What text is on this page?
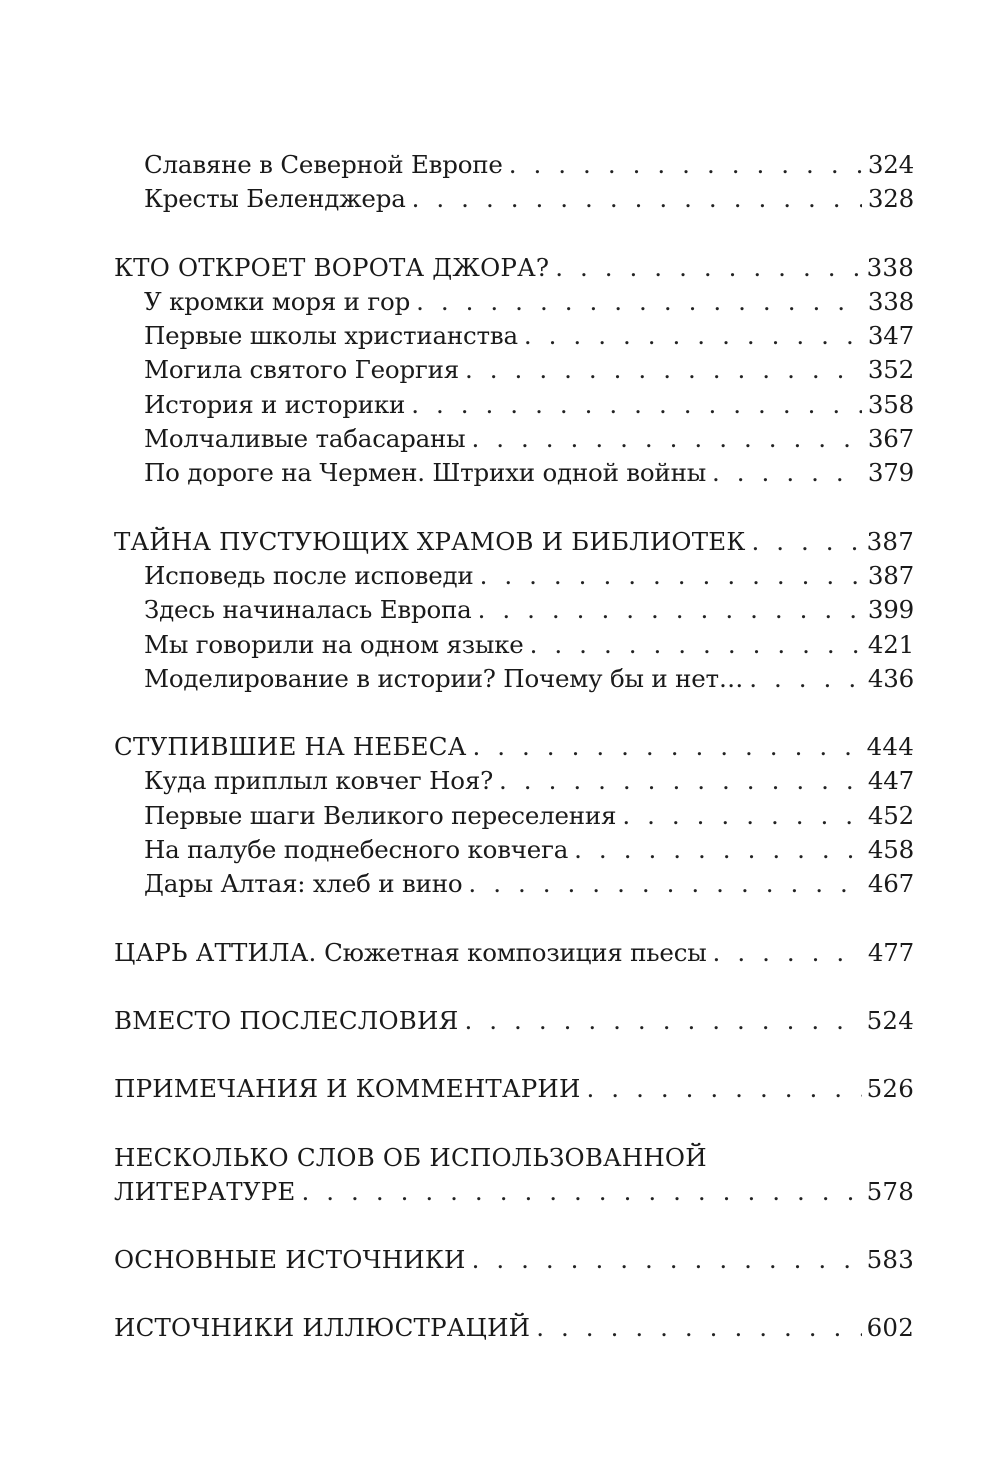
Славяне в Северной Европе . . .	324
Кресты Беленджера . . .	328
КТО ОТКРОЕТ ВОРОТА ДЖОРА? . . .	338
У кромки моря и гор . . .	338
Первые школы христианства . . .	347
Могила святого Георгия . . .	352
История и историки . . .	358
Молчаливые табасараны . . .	367
По дороге на Чермен. Штрихи одной войны . . .	379
ТАЙНА ПУСТУЮЩИХ ХРАМОВ И БИБЛИОТЕК . . .	387
Исповедь после исповеди . . .	387
Здесь начиналась Европа . . .	399
Мы говорили на одном языке . . .	421
Моделирование в истории? Почему бы и нет… . . .	436
СТУПИВШИЕ НА НЕБЕСА . . .	444
Куда приплыл ковчег Ноя? . . .	447
Первые шаги Великого переселения . . .	452
На палубе поднебесного ковчега . . .	458
Дары Алтая: хлеб и вино . . .	467
ЦАРЬ АТТИЛА. Сюжетная композиция пьесы . . .	477
ВМЕСТО ПОСЛЕСЛОВИЯ . . .	524
ПРИМЕЧАНИЯ И КОММЕНТАРИИ . . .	526
НЕСКОЛЬКО СЛОВ ОБ ИСПОЛЬЗОВАННОЙ
ЛИТЕРАТУРЕ . . .	578
ОСНОВНЫЕ ИСТОЧНИКИ . . .	583
ИСТОЧНИКИ ИЛЛЮСТРАЦИЙ . . .	602
